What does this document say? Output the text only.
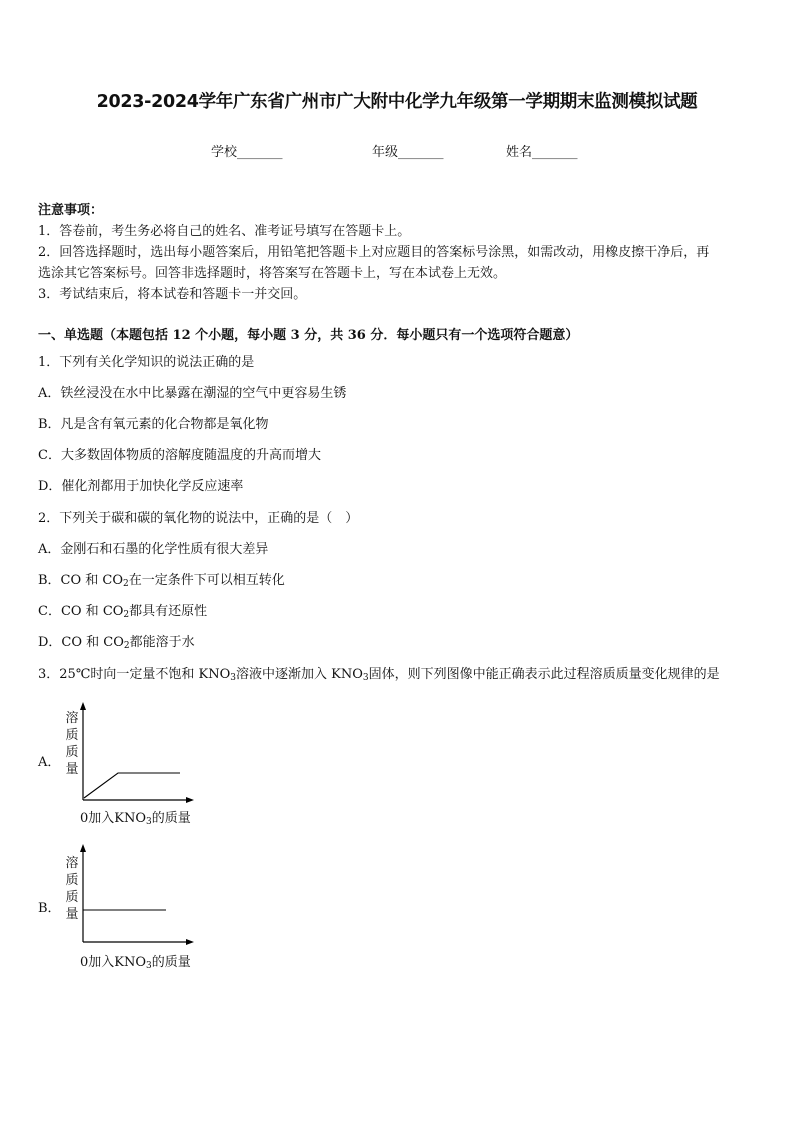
2023-2024学年广东省广州市广大附中化学九年级第一学期期末监测模拟试题
学校_______	年级_______	姓名_______
注意事项：
1．答卷前，考生务必将自己的姓名、准考证号填写在答题卡上。
2．回答选择题时，选出每小题答案后，用铅笔把答题卡上对应题目的答案标号涂黑，如需改动，用橡皮擦干净后，再
选涂其它答案标号。回答非选择题时，将答案写在答题卡上，写在本试卷上无效。
3．考试结束后，将本试卷和答题卡一并交回。
一、单选题（本题包括 12 个小题，每小题 3 分，共 36 分．每小题只有一个选项符合题意）
1．下列有关化学知识的说法正确的是
A．铁丝浸没在水中比暴露在潮湿的空气中更容易生锈
B．凡是含有氧元素的化合物都是氧化物
C．大多数固体物质的溶解度随温度的升高而增大
D．催化剂都用于加快化学反应速率
2．下列关于碳和碳的氧化物的说法中，正确的是（　）
A．金刚石和石墨的化学性质有很大差异
B．CO 和 $CO_2$在一定条件下可以相互转化
C．CO 和 $CO_2$都具有还原性
D．CO 和 $CO_2$都能溶于水
3．25℃时向一定量不饱和 $KNO_3$溶液中逐渐加入 $KNO_3$固体，则下列图像中能正确表示此过程溶质质量变化规律的是
A．
溶
质
质
量
0加入$KNO_3$的质量
B．
溶
质
质
量
0加入$KNO_3$的质量
